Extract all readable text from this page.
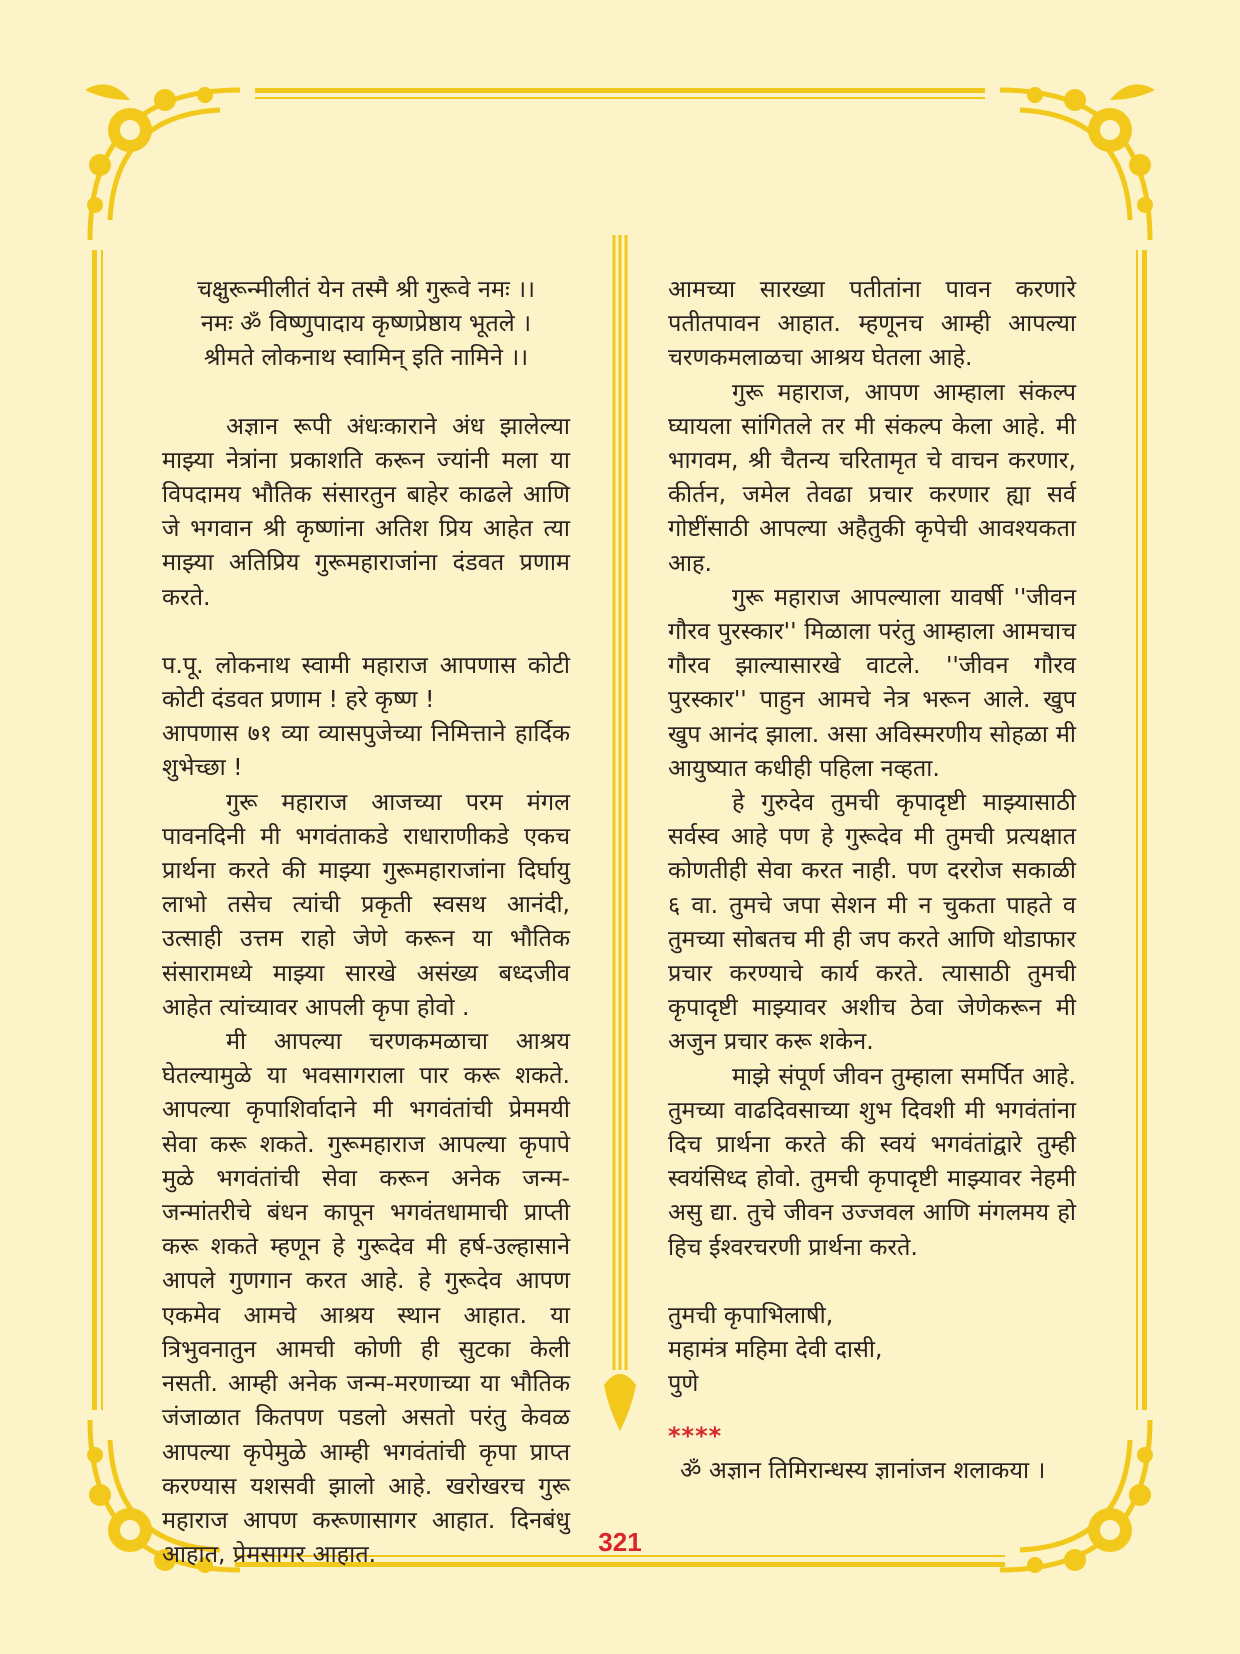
चक्षुरून्मीलीतं येन तस्मै श्री गुरूवे नमः ।।

नमः ॐ विष्णुपादाय कृष्णप्रेष्ठाय भूतले ।

श्रीमते लोकनाथ स्वामिन् इति नामिने ।।

अज्ञान रूपी अंधःकाराने अंध झालेल्या माझ्या नेत्रांना प्रकाशति करून ज्यांनी मला या विपदामय भौतिक संसारतुन बाहेर काढले आणि जे भगवान श्री कृष्णांना अतिश प्रिय आहेत त्या माझ्या अतिप्रिय गुरूमहाराजांना दंडवत प्रणाम करते.

प.पू. लोकनाथ स्वामी महाराज आपणास कोटी कोटी दंडवत प्रणाम ! हरे कृष्ण !

आपणास ७१ व्या व्यासपुजेच्या निमित्ताने हार्दिक शुभेच्छा !

गुरू महाराज आजच्या परम मंगल पावनदिनी मी भगवंताकडे राधाराणीकडे एकच प्रार्थना करते की माझ्या गुरूमहाराजांना दिर्घायु लाभो तसेच त्यांची प्रकृती स्वसथ आनंदी, उत्साही उत्तम राहो जेणे करून या भौतिक संसारामध्ये माझ्या सारखे असंख्य बध्दजीव आहेत त्यांच्यावर आपली कृपा होवो .

मी आपल्या चरणकमळाचा आश्रय घेतल्यामुळे या भवसागराला पार करू शकते. आपल्या कृपाशिर्वादाने मी भगवंतांची प्रेममयी सेवा करू शकते. गुरूमहाराज आपल्या कृपापे मुळे भगवंतांची सेवा करून अनेक जन्म-जन्मांतरीचे बंधन कापून भगवंतधामाची प्राप्ती करू शकते म्हणून हे गुरूदेव मी हर्ष-उल्हासाने आपले गुणगान करत आहे. हे गुरूदेव आपण एकमेव आमचे आश्रय स्थान आहात. या त्रिभुवनातुन आमची कोणी ही सुटका केली नसती. आम्ही अनेक जन्म-मरणाच्या या भौतिक जंजाळात कितपण पडलो असतो परंतु केवळ आपल्या कृपेमुळे आम्ही भगवंतांची कृपा प्राप्त करण्यास यशसवी झालो आहे. खरोखरच गुरू महाराज आपण करूणासागर आहात. दिनबंधु आहात, प्रेमसागर आहात.

आमच्या सारख्या पतीतांना पावन करणारे पतीतपावन आहात. म्हणूनच आम्ही आपल्या चरणकमलाळचा आश्रय घेतला आहे.

गुरू महाराज, आपण आम्हाला संकल्प घ्यायला सांगितले तर मी संकल्प केला आहे. मी भागवम, श्री चैतन्य चरितामृत चे वाचन करणार, कीर्तन, जमेल तेवढा प्रचार करणार ह्या सर्व गोष्टींसाठी आपल्या अहैतुकी कृपेची आवश्यकता आह.

गुरू महाराज आपल्याला यावर्षी ''जीवन गौरव पुरस्कार'' मिळाला परंतु आम्हाला आमचाच गौरव झाल्यासारखे वाटले. ''जीवन गौरव पुरस्कार'' पाहुन आमचे नेत्र भरून आले. खुप खुप आनंद झाला. असा अविस्मरणीय सोहळा मी आयुष्यात कधीही पहिला नव्हता.

हे गुरुदेव तुमची कृपादृष्टी माझ्यासाठी सर्वस्व आहे पण हे गुरूदेव मी तुमची प्रत्यक्षात कोणतीही सेवा करत नाही. पण दररोज सकाळी ६ वा. तुमचे जपा सेशन मी न चुकता पाहते व तुमच्या सोबतच मी ही जप करते आणि थोडाफार प्रचार करण्याचे कार्य करते. त्यासाठी तुमची कृपादृष्टी माझ्यावर अशीच ठेवा जेणेकरून मी अजुन प्रचार करू शकेन.

माझे संपूर्ण जीवन तुम्हाला समर्पित आहे. तुमच्या वाढदिवसाच्या शुभ दिवशी मी भगवंतांना दिच प्रार्थना करते की स्वयं भगवंतांद्वारे तुम्ही स्वयंसिध्द होवो. तुमची कृपादृष्टी माझ्यावर नेहमी असु द्या. तुचे जीवन उज्जवल आणि मंगलमय हो हिच ईश्वरचरणी प्रार्थना करते.

तुमची कृपाभिलाषी,

महामंत्र महिमा देवी दासी,

पुणे

****

ॐ अज्ञान तिमिरान्धस्य ज्ञानांजन शलाकया ।

321
